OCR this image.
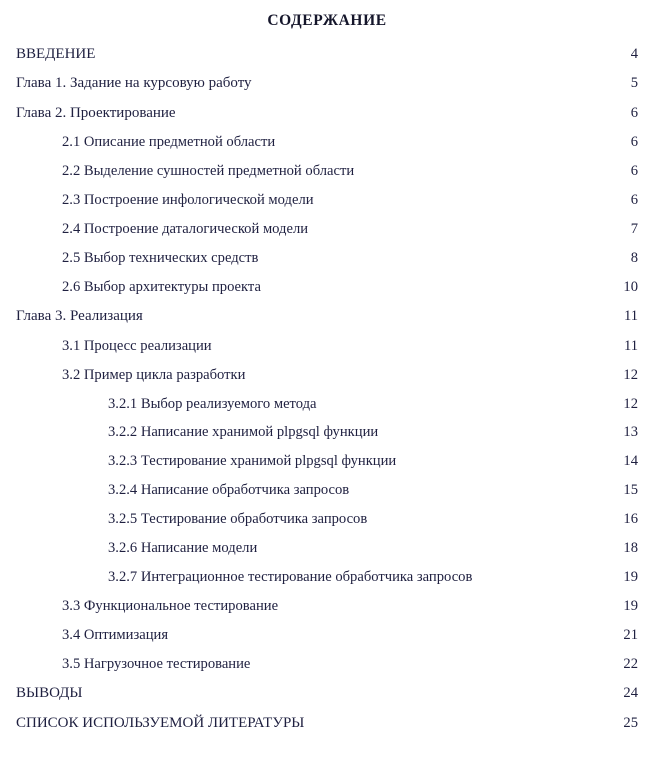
СОДЕРЖАНИЕ
ВВЕДЕНИЕ	4
Глава 1. Задание на курсовую работу	5
Глава 2. Проектирование	6
2.1 Описание предметной области	6
2.2 Выделение сушностей предметной области	6
2.3 Построение инфологической модели	6
2.4 Построение даталогической модели	7
2.5 Выбор технических средств	8
2.6 Выбор архитектуры проекта	10
Глава 3. Реализация	11
3.1 Процесс реализации	11
3.2 Пример цикла разработки	12
3.2.1 Выбор реализуемого метода	12
3.2.2 Написание хранимой plpgsql функции	13
3.2.3 Тестирование хранимой plpgsql функции	14
3.2.4 Написание обработчика запросов	15
3.2.5 Тестирование обработчика запросов	16
3.2.6 Написание модели	18
3.2.7 Интеграционное тестирование обработчика запросов	19
3.3 Функциональное тестирование	19
3.4 Оптимизация	21
3.5 Нагрузочное тестирование	22
ВЫВОДЫ	24
СПИСОК ИСПОЛЬЗУЕМОЙ ЛИТЕРАТУРЫ	25
